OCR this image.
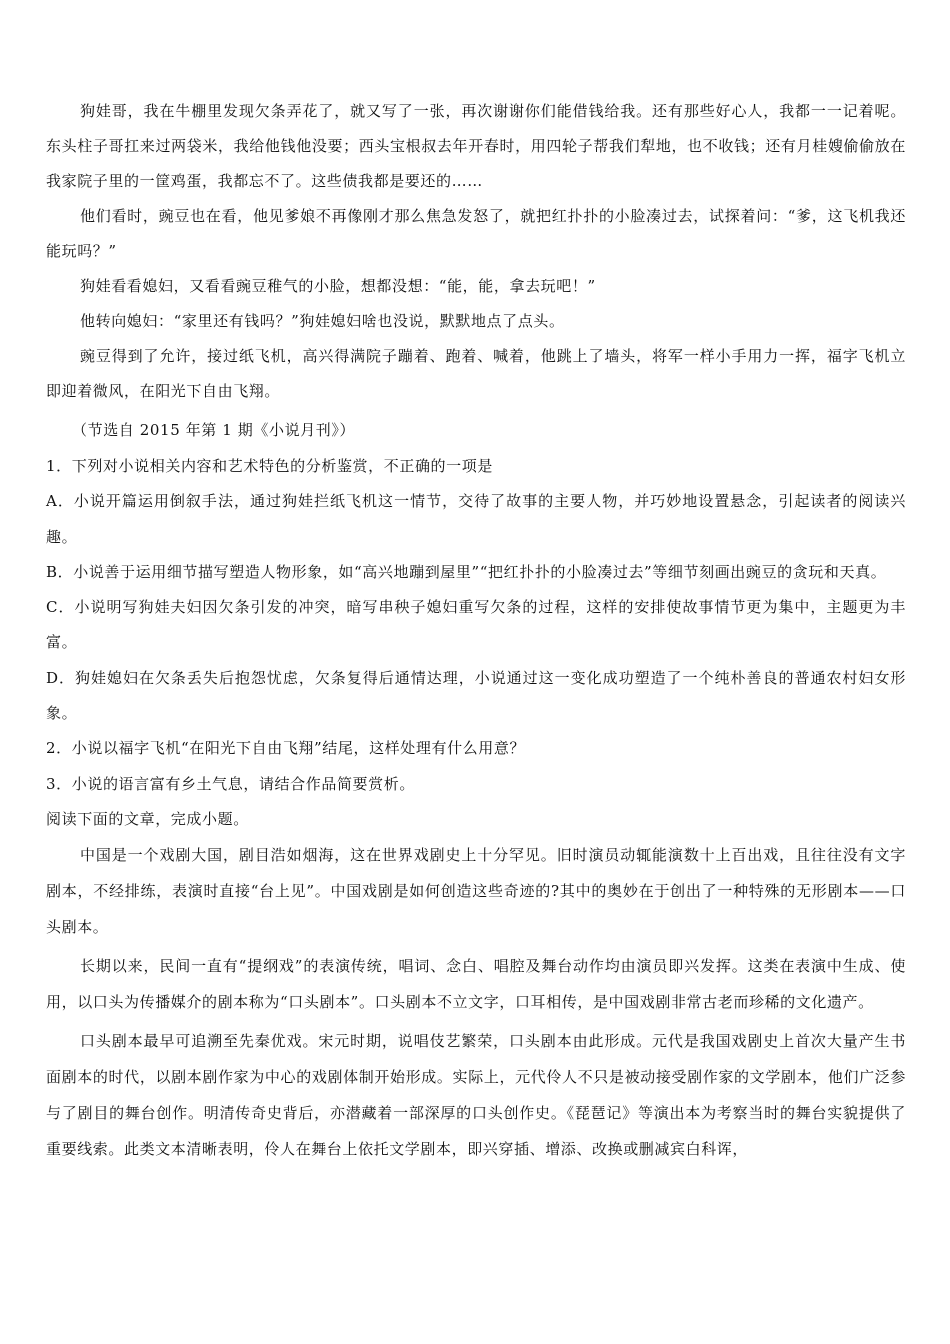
狗娃哥，我在牛棚里发现欠条弄花了，就又写了一张，再次谢谢你们能借钱给我。还有那些好心人，我都一一记着呢。东头柱子哥扛来过两袋米，我给他钱他没要；西头宝根叔去年开春时，用四轮子帮我们犁地，也不收钱；还有月桂嫂偷偷放在我家院子里的一筐鸡蛋，我都忘不了。这些债我都是要还的……

他们看时，豌豆也在看，他见爹娘不再像刚才那么焦急发怒了，就把红扑扑的小脸凑过去，试探着问：“爹，这飞机我还能玩吗？”

狗娃看看媳妇，又看看豌豆稚气的小脸，想都没想：“能，能，拿去玩吧！”

他转向媳妇：“家里还有钱吗？”狗娃媳妇啥也没说，默默地点了点头。

豌豆得到了允许，接过纸飞机，高兴得满院子蹦着、跑着、喊着，他跳上了墙头，将军一样小手用力一挥，福字飞机立即迎着微风，在阳光下自由飞翔。

（节选自 2015 年第 1 期《小说月刊》）

1．下列对小说相关内容和艺术特色的分析鉴赏，不正确的一项是

A．小说开篇运用倒叙手法，通过狗娃拦纸飞机这一情节，交待了故事的主要人物，并巧妙地设置悬念，引起读者的阅读兴趣。

B．小说善于运用细节描写塑造人物形象，如“高兴地蹦到屋里”“把红扑扑的小脸凑过去”等细节刻画出豌豆的贪玩和天真。

C．小说明写狗娃夫妇因欠条引发的冲突，暗写串秧子媳妇重写欠条的过程，这样的安排使故事情节更为集中，主题更为丰富。

D．狗娃媳妇在欠条丢失后抱怨忧虑，欠条复得后通情达理，小说通过这一变化成功塑造了一个纯朴善良的普通农村妇女形象。

2．小说以福字飞机“在阳光下自由飞翔”结尾，这样处理有什么用意？

3．小说的语言富有乡土气息，请结合作品简要赏析。

阅读下面的文章，完成小题。

中国是一个戏剧大国，剧目浩如烟海，这在世界戏剧史上十分罕见。旧时演员动辄能演数十上百出戏，且往往没有文字剧本，不经排练，表演时直接“台上见”。中国戏剧是如何创造这些奇迹的?其中的奥妙在于创出了一种特殊的无形剧本——口头剧本。

长期以来，民间一直有“提纲戏”的表演传统，唱词、念白、唱腔及舞台动作均由演员即兴发挥。这类在表演中生成、使用，以口头为传播媒介的剧本称为“口头剧本”。口头剧本不立文字，口耳相传，是中国戏剧非常古老而珍稀的文化遗产。

口头剧本最早可追溯至先秦优戏。宋元时期，说唱伎艺繁荣，口头剧本由此形成。元代是我国戏剧史上首次大量产生书面剧本的时代，以剧本剧作家为中心的戏剧体制开始形成。实际上，元代伶人不只是被动接受剧作家的文学剧本，他们广泛参与了剧目的舞台创作。明清传奇史背后，亦潜藏着一部深厚的口头创作史。《琵琶记》等演出本为考察当时的舞台实貌提供了重要线索。此类文本清晰表明，伶人在舞台上依托文学剧本，即兴穿插、增添、改换或删减宾白科诨，
